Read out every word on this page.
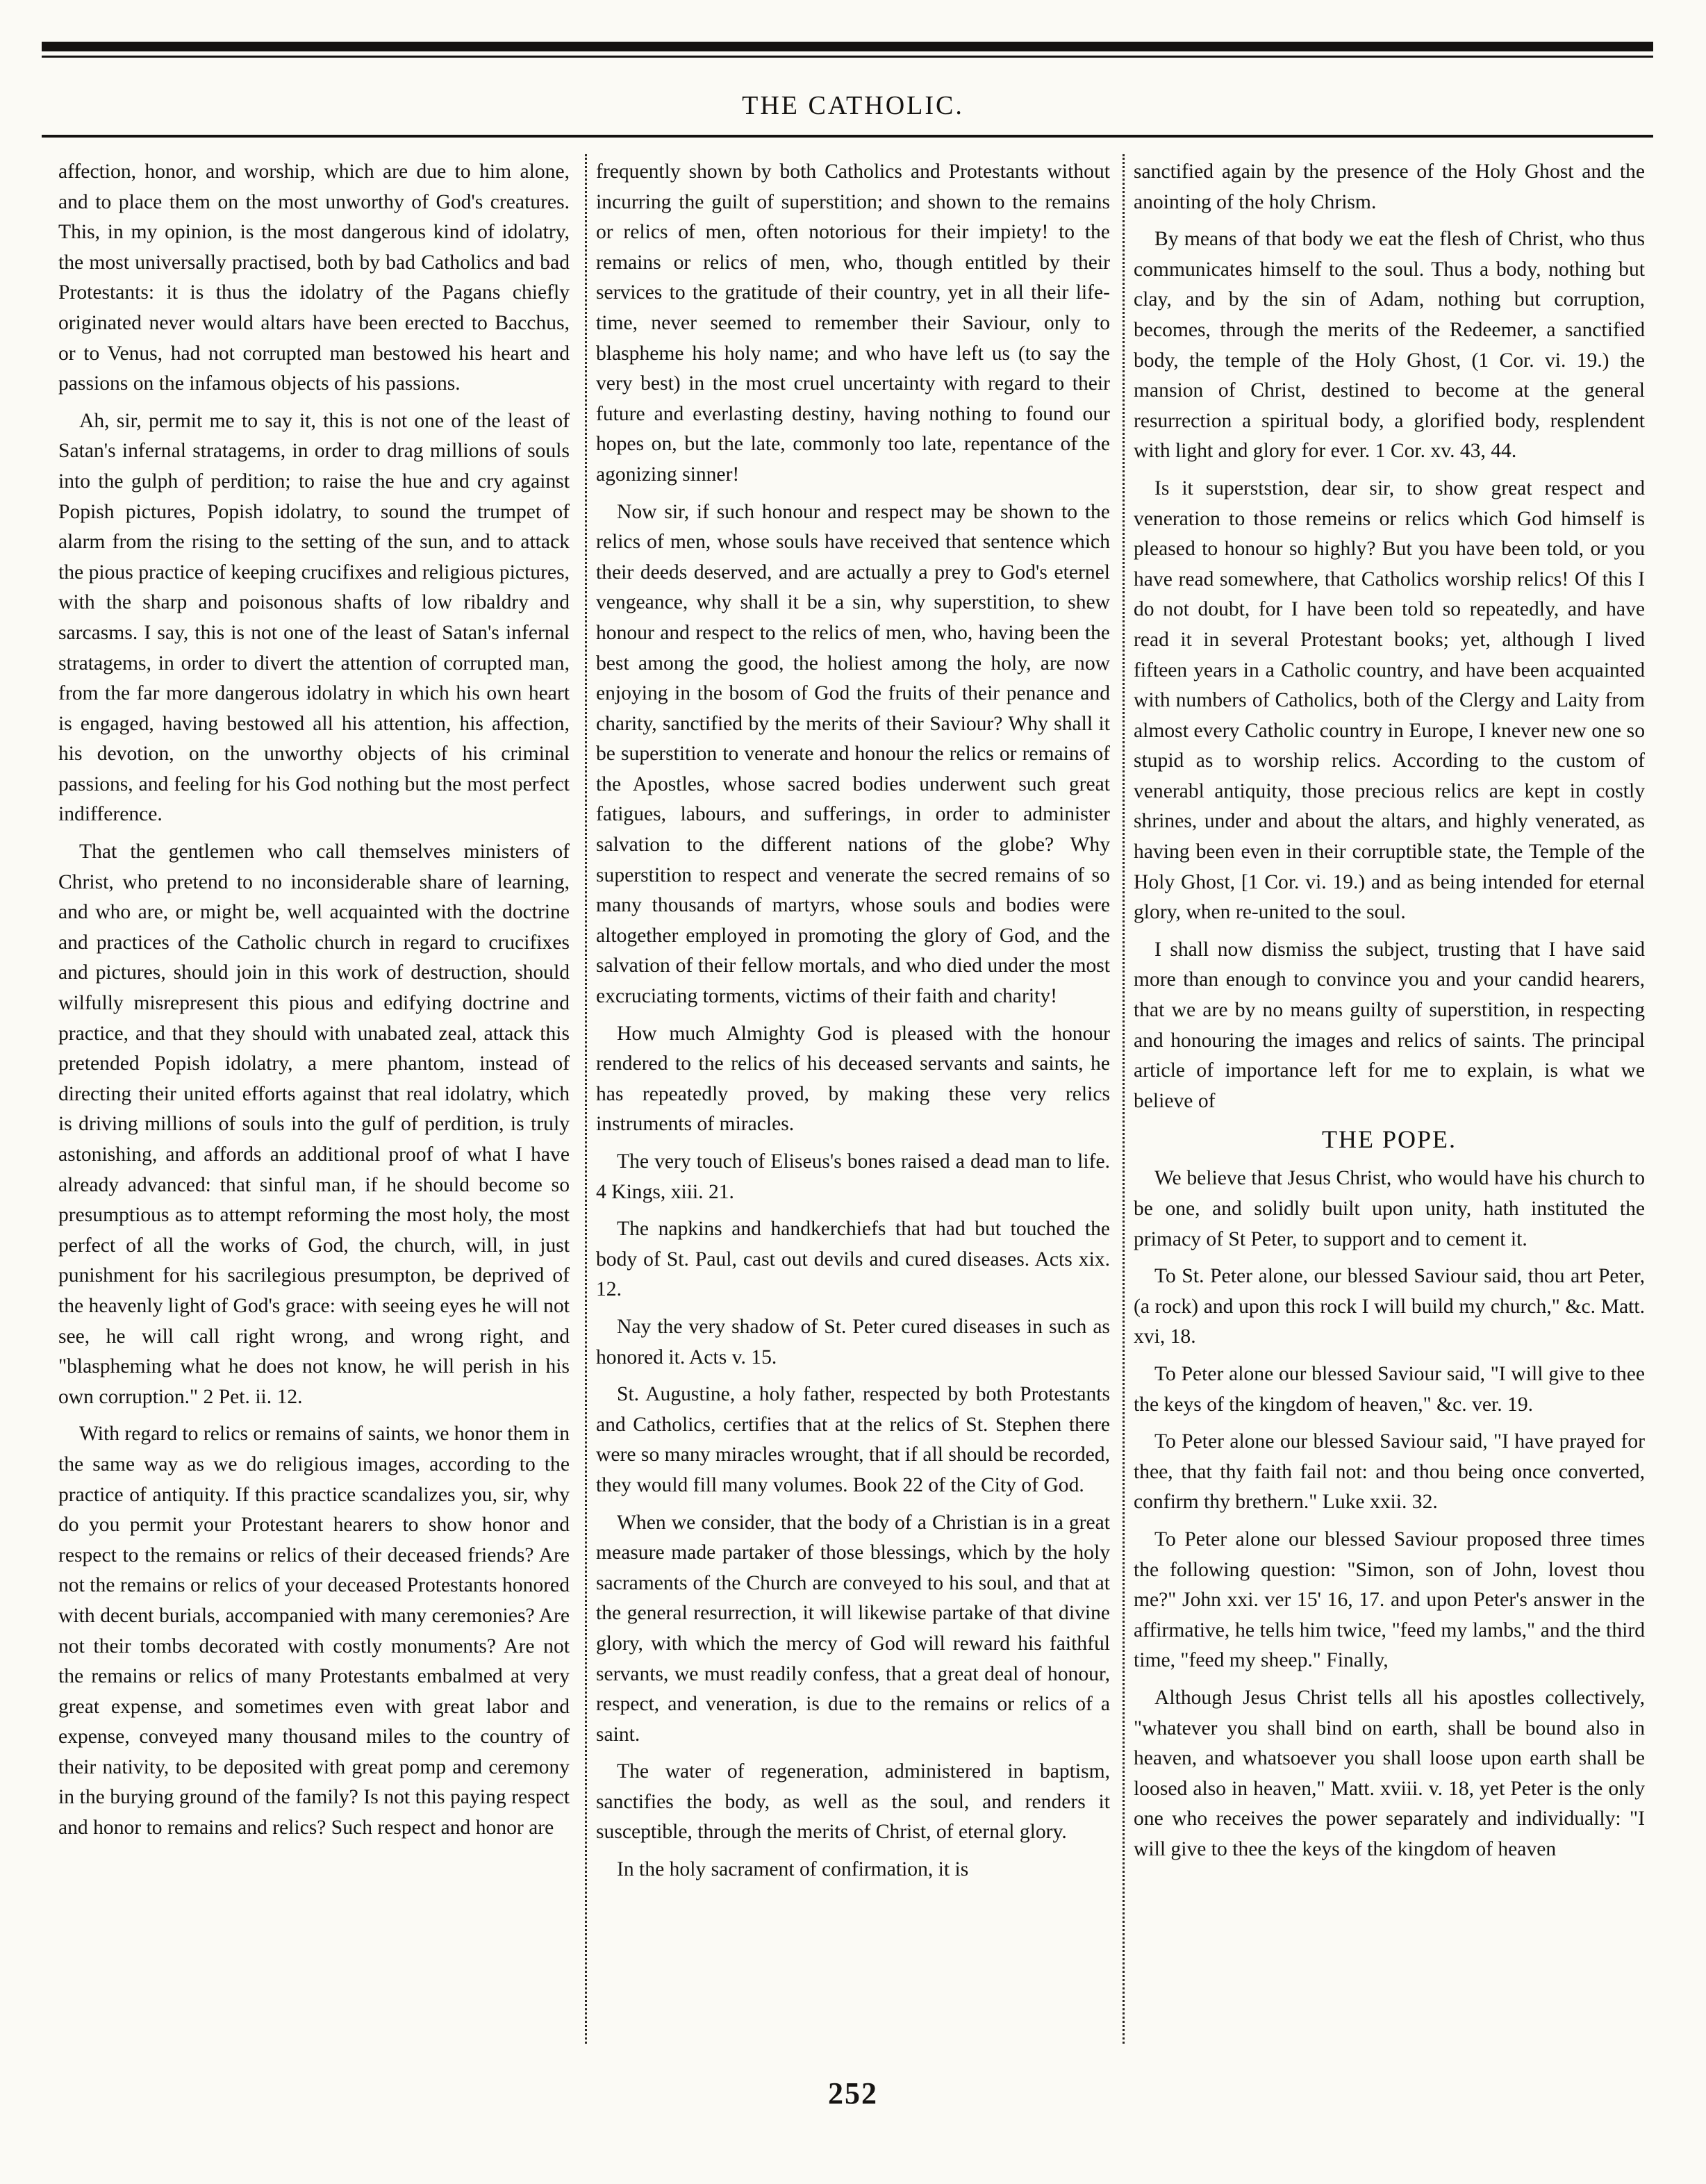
THE CATHOLIC.

affection, honor, and worship, which are due to him alone, and to place them on the most unworthy of God's creatures. This, in my opinion, is the most dangerous kind of idolatry, the most universally practised, both by bad Catholics and bad Protestants: it is thus the idolatry of the Pagans chiefly originated never would altars have been erected to Bacchus, or to Venus, had not corrupted man bestowed his heart and passions on the infamous objects of his passions.

Ah, sir, permit me to say it, this is not one of the least of Satan's infernal stratagems, in order to drag millions of souls into the gulph of perdition; to raise the hue and cry against Popish pictures, Popish idolatry, to sound the trumpet of alarm from the rising to the setting of the sun, and to attack the pious practice of keeping crucifixes and religious pictures, with the sharp and poisonous shafts of low ribaldry and sarcasms. I say, this is not one of the least of Satan's infernal stratagems, in order to divert the attention of corrupted man, from the far more dangerous idolatry in which his own heart is engaged, having bestowed all his attention, his affection, his devotion, on the unworthy objects of his criminal passions, and feeling for his God nothing but the most perfect indifference.

That the gentlemen who call themselves ministers of Christ, who pretend to no inconsiderable share of learning, and who are, or might be, well acquainted with the doctrine and practices of the Catholic church in regard to crucifixes and pictures, should join in this work of destruction, should wilfully misrepresent this pious and edifying doctrine and practice, and that they should with unabated zeal, attack this pretended Popish idolatry, a mere phantom, instead of directing their united efforts against that real idolatry, which is driving millions of souls into the gulf of perdition, is truly astonishing, and affords an additional proof of what I have already advanced: that sinful man, if he should become so presumptious as to attempt reforming the most holy, the most perfect of all the works of God, the church, will, in just punishment for his sacrilegious presumpton, be deprived of the heavenly light of God's grace: with seeing eyes he will not see, he will call right wrong, and wrong right, and "blaspheming what he does not know, he will perish in his own corruption." 2 Pet. ii. 12.

With regard to relics or remains of saints, we honor them in the same way as we do religious images, according to the practice of antiquity. If this practice scandalizes you, sir, why do you permit your Protestant hearers to show honor and respect to the remains or relics of their deceased friends? Are not the remains or relics of your deceased Protestants honored with decent burials, accompanied with many ceremonies? Are not their tombs decorated with costly monuments? Are not the remains or relics of many Protestants embalmed at very great expense, and sometimes even with great labor and expense, conveyed many thousand miles to the country of their nativity, to be deposited with great pomp and ceremony in the burying ground of the family? Is not this paying respect and honor to remains and relics? Such respect and honor are

frequently shown by both Catholics and Protestants without incurring the guilt of superstition; and shown to the remains or relics of men, often notorious for their impiety! to the remains or relics of men, who, though entitled by their services to the gratitude of their country, yet in all their life-time, never seemed to remember their Saviour, only to blaspheme his holy name; and who have left us (to say the very best) in the most cruel uncertainty with regard to their future and everlasting destiny, having nothing to found our hopes on, but the late, commonly too late, repentance of the agonizing sinner!

Now sir, if such honour and respect may be shown to the relics of men, whose souls have received that sentence which their deeds deserved, and are actually a prey to God's eternel vengeance, why shall it be a sin, why superstition, to shew honour and respect to the relics of men, who, having been the best among the good, the holiest among the holy, are now enjoying in the bosom of God the fruits of their penance and charity, sanctified by the merits of their Saviour? Why shall it be superstition to venerate and honour the relics or remains of the Apostles, whose sacred bodies underwent such great fatigues, labours, and sufferings, in order to administer salvation to the different nations of the globe? Why superstition to respect and venerate the secred remains of so many thousands of martyrs, whose souls and bodies were altogether employed in promoting the glory of God, and the salvation of their fellow mortals, and who died under the most excruciating torments, victims of their faith and charity!

How much Almighty God is pleased with the honour rendered to the relics of his deceased servants and saints, he has repeatedly proved, by making these very relics instruments of miracles.

The very touch of Eliseus's bones raised a dead man to life. 4 Kings, xiii. 21.

The napkins and handkerchiefs that had but touched the body of St. Paul, cast out devils and cured diseases. Acts xix. 12.

Nay the very shadow of St. Peter cured diseases in such as honored it. Acts v. 15.

St. Augustine, a holy father, respected by both Protestants and Catholics, certifies that at the relics of St. Stephen there were so many miracles wrought, that if all should be recorded, they would fill many volumes. Book 22 of the City of God.

When we consider, that the body of a Christian is in a great measure made partaker of those blessings, which by the holy sacraments of the Church are conveyed to his soul, and that at the general resurrection, it will likewise partake of that divine glory, with which the mercy of God will reward his faithful servants, we must readily confess, that a great deal of honour, respect, and veneration, is due to the remains or relics of a saint.

The water of regeneration, administered in baptism, sanctifies the body, as well as the soul, and renders it susceptible, through the merits of Christ, of eternal glory.

In the holy sacrament of confirmation, it is

sanctified again by the presence of the Holy Ghost and the anointing of the holy Chrism.

By means of that body we eat the flesh of Christ, who thus communicates himself to the soul. Thus a body, nothing but clay, and by the sin of Adam, nothing but corruption, becomes, through the merits of the Redeemer, a sanctified body, the temple of the Holy Ghost, (1 Cor. vi. 19.) the mansion of Christ, destined to become at the general resurrection a spiritual body, a glorified body, resplendent with light and glory for ever. 1 Cor. xv. 43, 44.

Is it superststion, dear sir, to show great respect and veneration to those remeins or relics which God himself is pleased to honour so highly? But you have been told, or you have read somewhere, that Catholics worship relics! Of this I do not doubt, for I have been told so repeatedly, and have read it in several Protestant books; yet, although I lived fifteen years in a Catholic country, and have been acquainted with numbers of Catholics, both of the Clergy and Laity from almost every Catholic country in Europe, I knever new one so stupid as to worship relics. According to the custom of venerabl antiquity, those precious relics are kept in costly shrines, under and about the altars, and highly venerated, as having been even in their corruptible state, the Temple of the Holy Ghost, [1 Cor. vi. 19.) and as being intended for eternal glory, when re-united to the soul.

I shall now dismiss the subject, trusting that I have said more than enough to convince you and your candid hearers, that we are by no means guilty of superstition, in respecting and honouring the images and relics of saints. The principal article of importance left for me to explain, is what we believe of

THE POPE.

We believe that Jesus Christ, who would have his church to be one, and solidly built upon unity, hath instituted the primacy of St Peter, to support and to cement it.

To St. Peter alone, our blessed Saviour said, thou art Peter, (a rock) and upon this rock I will build my church," &c. Matt. xvi, 18.

To Peter alone our blessed Saviour said, "I will give to thee the keys of the kingdom of heaven," &c. ver. 19.

To Peter alone our blessed Saviour said, "I have prayed for thee, that thy faith fail not: and thou being once converted, confirm thy brethern." Luke xxii. 32.

To Peter alone our blessed Saviour proposed three times the following question: "Simon, son of John, lovest thou me?" John xxi. ver 15' 16, 17. and upon Peter's answer in the affirmative, he tells him twice, "feed my lambs," and the third time, "feed my sheep." Finally,

Although Jesus Christ tells all his apostles collectively, "whatever you shall bind on earth, shall be bound also in heaven, and whatsoever you shall loose upon earth shall be loosed also in heaven," Matt. xviii. v. 18, yet Peter is the only one who receives the power separately and individually: "I will give to thee the keys of the kingdom of heaven

252
